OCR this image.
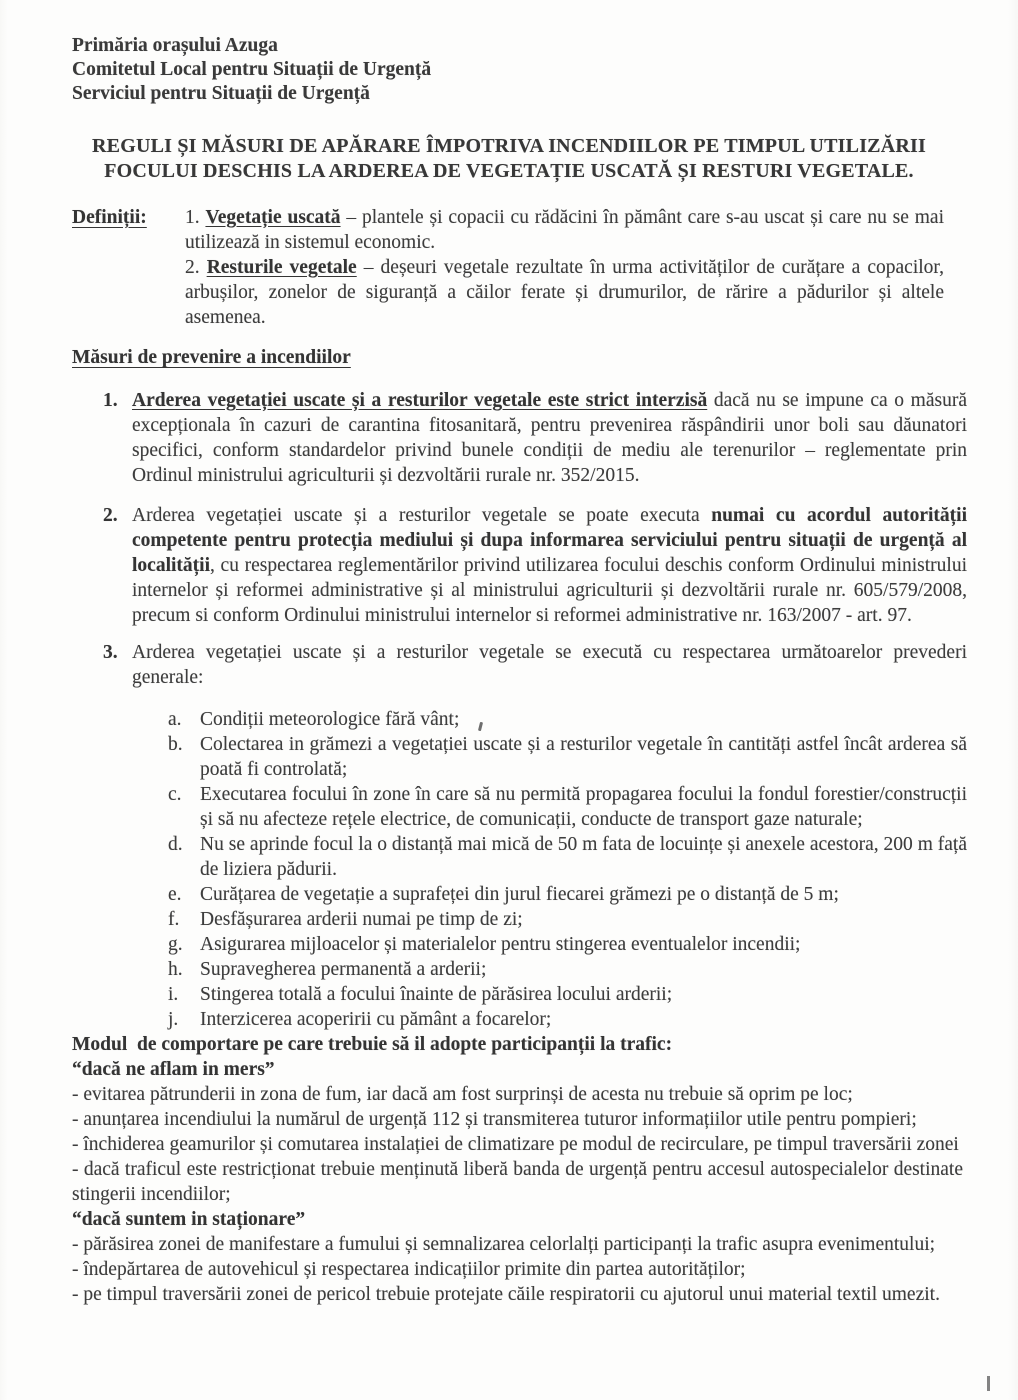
Primăria orașului Azuga
Comitetul Local pentru Situații de Urgență
Serviciul pentru Situații de Urgență
REGULI ȘI MĂSURI DE APĂRARE ÎMPOTRIVA INCENDIILOR PE TIMPUL UTILIZĂRII
FOCULUI DESCHIS LA ARDEREA DE VEGETAȚIE USCATĂ ȘI RESTURI VEGETALE.
Definiții:	1. Vegetație uscată – plantele și copacii cu rădăcini în pământ care s-au uscat și care nu se mai utilizează in sistemul economic.
2. Resturile vegetale – deșeuri vegetale rezultate în urma activităților de curățare a copacilor, arbușilor, zonelor de siguranță a căilor ferate și drumurilor, de rărire a pădurilor și altele asemenea.
Măsuri de prevenire a incendiilor
1. Arderea vegetației uscate și a resturilor vegetale este strict interzisă dacă nu se impune ca o măsură excepționala în cazuri de carantina fitosanitară, pentru prevenirea răspândirii unor boli sau dăunatori specifici, conform standardelor privind bunele condiții de mediu ale terenurilor – reglementate prin Ordinul ministrului agriculturii și dezvoltării rurale nr. 352/2015.
2. Arderea vegetației uscate și a resturilor vegetale se poate executa numai cu acordul autorității competente pentru protecția mediului și dupa informarea serviciului pentru situații de urgență al localității, cu respectarea reglementărilor privind utilizarea focului deschis conform Ordinului ministrului internelor și reformei administrative și al ministrului agriculturii și dezvoltării rurale nr. 605/579/2008, precum si conform Ordinului ministrului internelor si reformei administrative nr. 163/2007 - art. 97.
3. Arderea vegetației uscate și a resturilor vegetale se execută cu respectarea următoarelor prevederi generale:
a. Condiții meteorologice fără vânt;
b. Colectarea in grămezi a vegetației uscate și a resturilor vegetale în cantități astfel încât arderea să poată fi controlată;
c. Executarea focului în zone în care să nu permită propagarea focului la fondul forestier/construcții și să nu afecteze rețele electrice, de comunicații, conducte de transport gaze naturale;
d. Nu se aprinde focul la o distanță mai mică de 50 m fata de locuințe și anexele acestora, 200 m față de liziera pădurii.
e. Curățarea de vegetație a suprafeței din jurul fiecarei grămezi pe o distanță de 5 m;
f.	Desfășurarea arderii numai pe timp de zi;
g. Asigurarea mijloacelor și materialelor pentru stingerea eventualelor incendii;
h. Supravegherea permanentă a arderii;
i.	Stingerea totală a focului înainte de părăsirea locului arderii;
j.	Interzicerea acoperirii cu pământ a focarelor;
Modul  de comportare pe care trebuie să il adopte participanții la trafic:
“dacă ne aflam in mers”
- evitarea pătrunderii in zona de fum, iar dacă am fost surprinși de acesta nu trebuie să oprim pe loc;
- anunțarea incendiului la numărul de urgență 112 și transmiterea tuturor informațiilor utile pentru pompieri;
- închiderea geamurilor și comutarea instalației de climatizare pe modul de recirculare, pe timpul traversării zonei
- dacă traficul este restricționat trebuie menținută liberă banda de urgență pentru accesul autospecialelor destinate stingerii incendiilor;
“dacă suntem in staționare”
- părăsirea zonei de manifestare a fumului și semnalizarea celorlalți participanți la trafic asupra evenimentului;
- îndepărtarea de autovehicul și respectarea indicațiilor primite din partea autorităților;
- pe timpul traversării zonei de pericol trebuie protejate căile respiratorii cu ajutorul unui material textil umezit.
